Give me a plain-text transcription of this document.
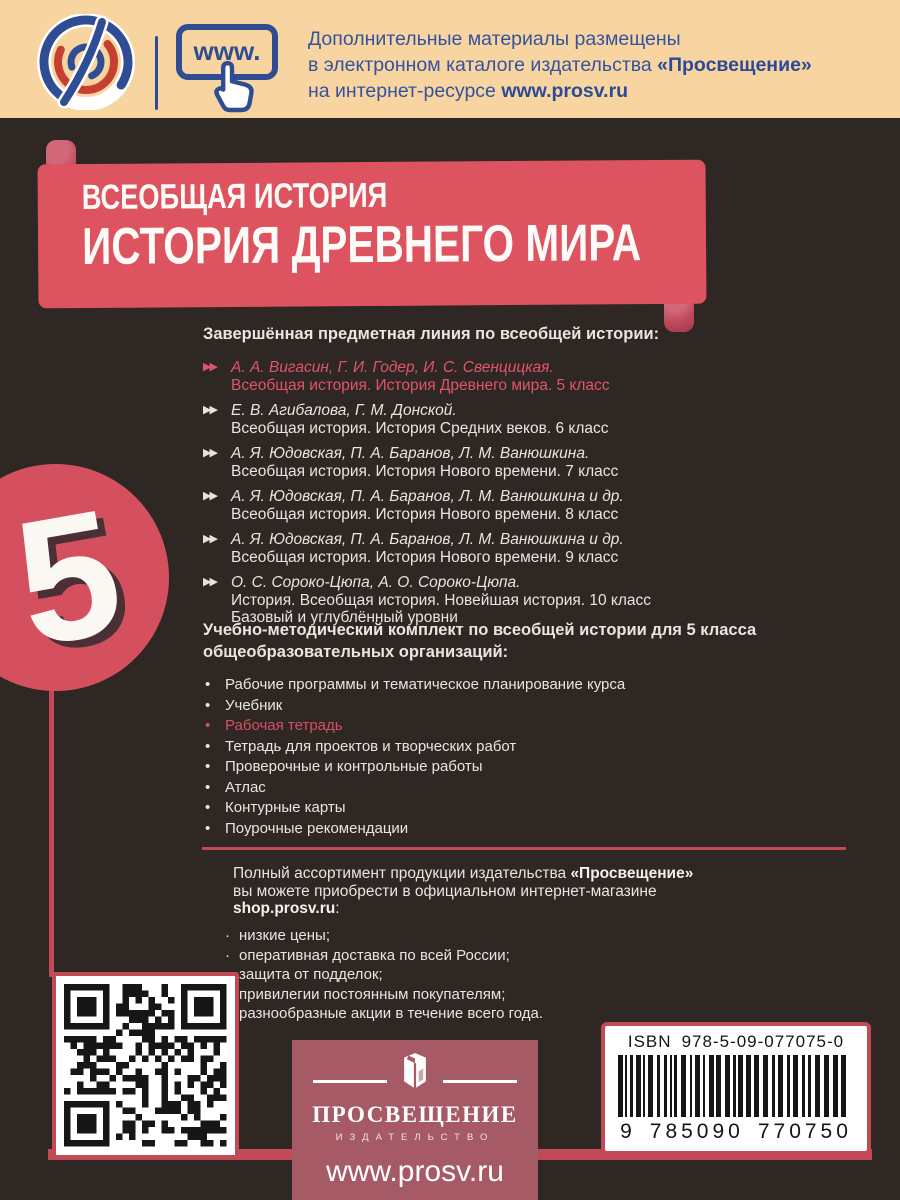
www.	Дополнительные материалы размещены
в электронном каталоге издательства «Просвещение»
на интернет-ресурсе www.prosv.ru
ВСЕОБЩАЯ ИСТОРИЯ
ИСТОРИЯ ДРЕВНЕГО МИРА
5
Завершённая предметная линия по всеобщей истории:
▶▶ А. А. Вигасин, Г. И. Годер, И. С. Свенцицкая.
Всеобщая история. История Древнего мира. 5 класс
▶▶ Е. В. Агибалова, Г. М. Донской.
Всеобщая история. История Средних веков. 6 класс
▶▶ А. Я. Юдовская, П. А. Баранов, Л. М. Ванюшкина.
Всеобщая история. История Нового времени. 7 класс
▶▶ А. Я. Юдовская, П. А. Баранов, Л. М. Ванюшкина и др.
Всеобщая история. История Нового времени. 8 класс
▶▶ А. Я. Юдовская, П. А. Баранов, Л. М. Ванюшкина и др.
Всеобщая история. История Нового времени. 9 класс
▶▶ О. С. Сороко-Цюпа, А. О. Сороко-Цюпа.
История. Всеобщая история. Новейшая история. 10 класс
Базовый и углублённый уровни
Учебно-методический комплект по всеобщей истории для 5 класса
общеобразовательных организаций:
• Рабочие программы и тематическое планирование курса
• Учебник
• Рабочая тетрадь
• Тетрадь для проектов и творческих работ
• Проверочные и контрольные работы
• Атлас
• Контурные карты
• Поурочные рекомендации
Полный ассортимент продукции издательства «Просвещение»
вы можете приобрести в официальном интернет-магазине
shop.prosv.ru:
· низкие цены;
· оперативная доставка по всей России;
защита от подделок;
привилегии постоянным покупателям;
разнообразные акции в течение всего года.
ПРОСВЕЩЕНИЕ
ИЗДАТЕЛЬСТВО
www.prosv.ru
ISBN 978-5-09-077075-0
9 785090 770750
